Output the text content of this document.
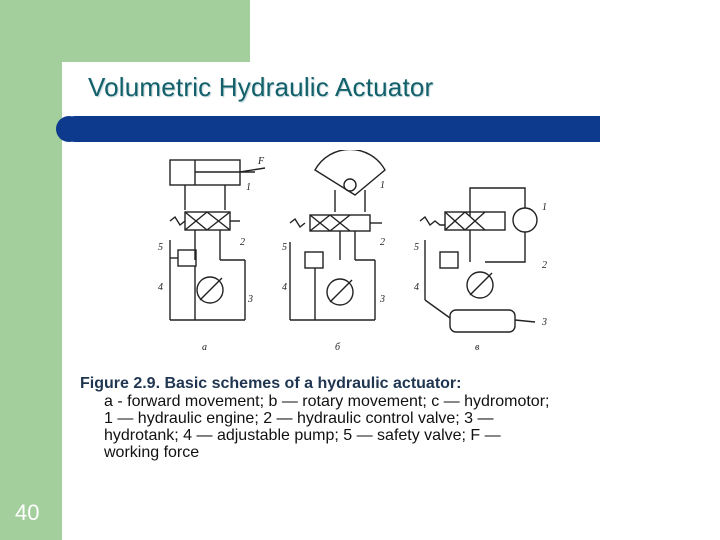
Volumetric Hydraulic Actuator
F
1
2
3
4
5
1
2
3
4
5
1
2
3
4
5
a	б	в
Figure 2.9. Basic schemes of a hydraulic actuator:
a - forward movement; b — rotary movement; c — hydromotor;
1 — hydraulic engine; 2 — hydraulic control valve; 3 —
hydrotank; 4 — adjustable pump; 5 — safety valve; F —
working force
40
